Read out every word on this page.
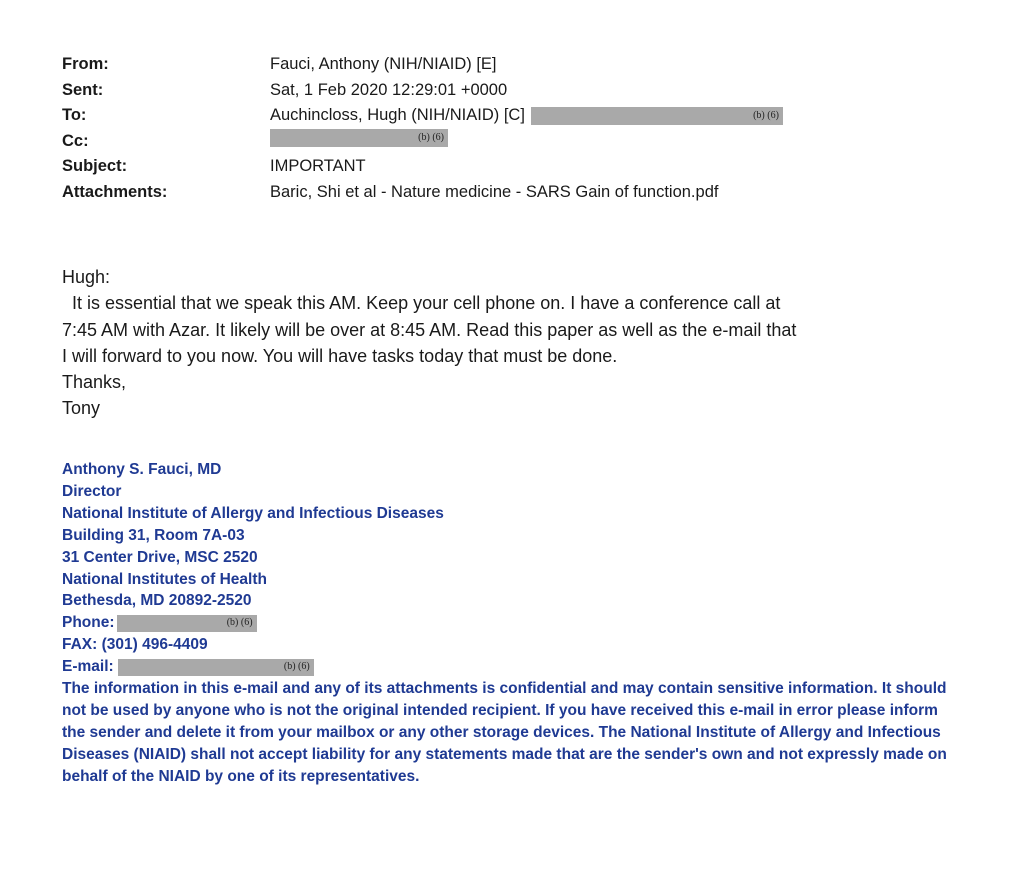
From:	Fauci, Anthony (NIH/NIAID) [E]
Sent:	Sat, 1 Feb 2020 12:29:01 +0000
To:	Auchincloss, Hugh (NIH/NIAID) [C]	(b) (6)
Cc:	(b) (6)
Subject:	IMPORTANT
Attachments:	Baric, Shi et al - Nature medicine - SARS Gain of function.pdf

Hugh:

It is essential that we speak this AM. Keep your cell phone on. I have a conference call at

7:45 AM with Azar. It likely will be over at 8:45 AM. Read this paper as well as the e-mail that

I will forward to you now. You will have tasks today that must be done.

Thanks,

Tony

Anthony S. Fauci, MD
Director
National Institute of Allergy and Infectious Diseases
Building 31, Room 7A-03
31 Center Drive, MSC 2520
National Institutes of Health
Bethesda, MD 20892-2520
Phone:	(b) (6)
FAX: (301) 496-4409
E-mail:	(b) (6)
The information in this e-mail and any of its attachments is confidential and may contain sensitive information. It should not be used by anyone who is not the original intended recipient. If you have received this e-mail in error please inform the sender and delete it from your mailbox or any other storage devices. The National Institute of Allergy and Infectious Diseases (NIAID) shall not accept liability for any statements made that are the sender's own and not expressly made on behalf of the NIAID by one of its representatives.
